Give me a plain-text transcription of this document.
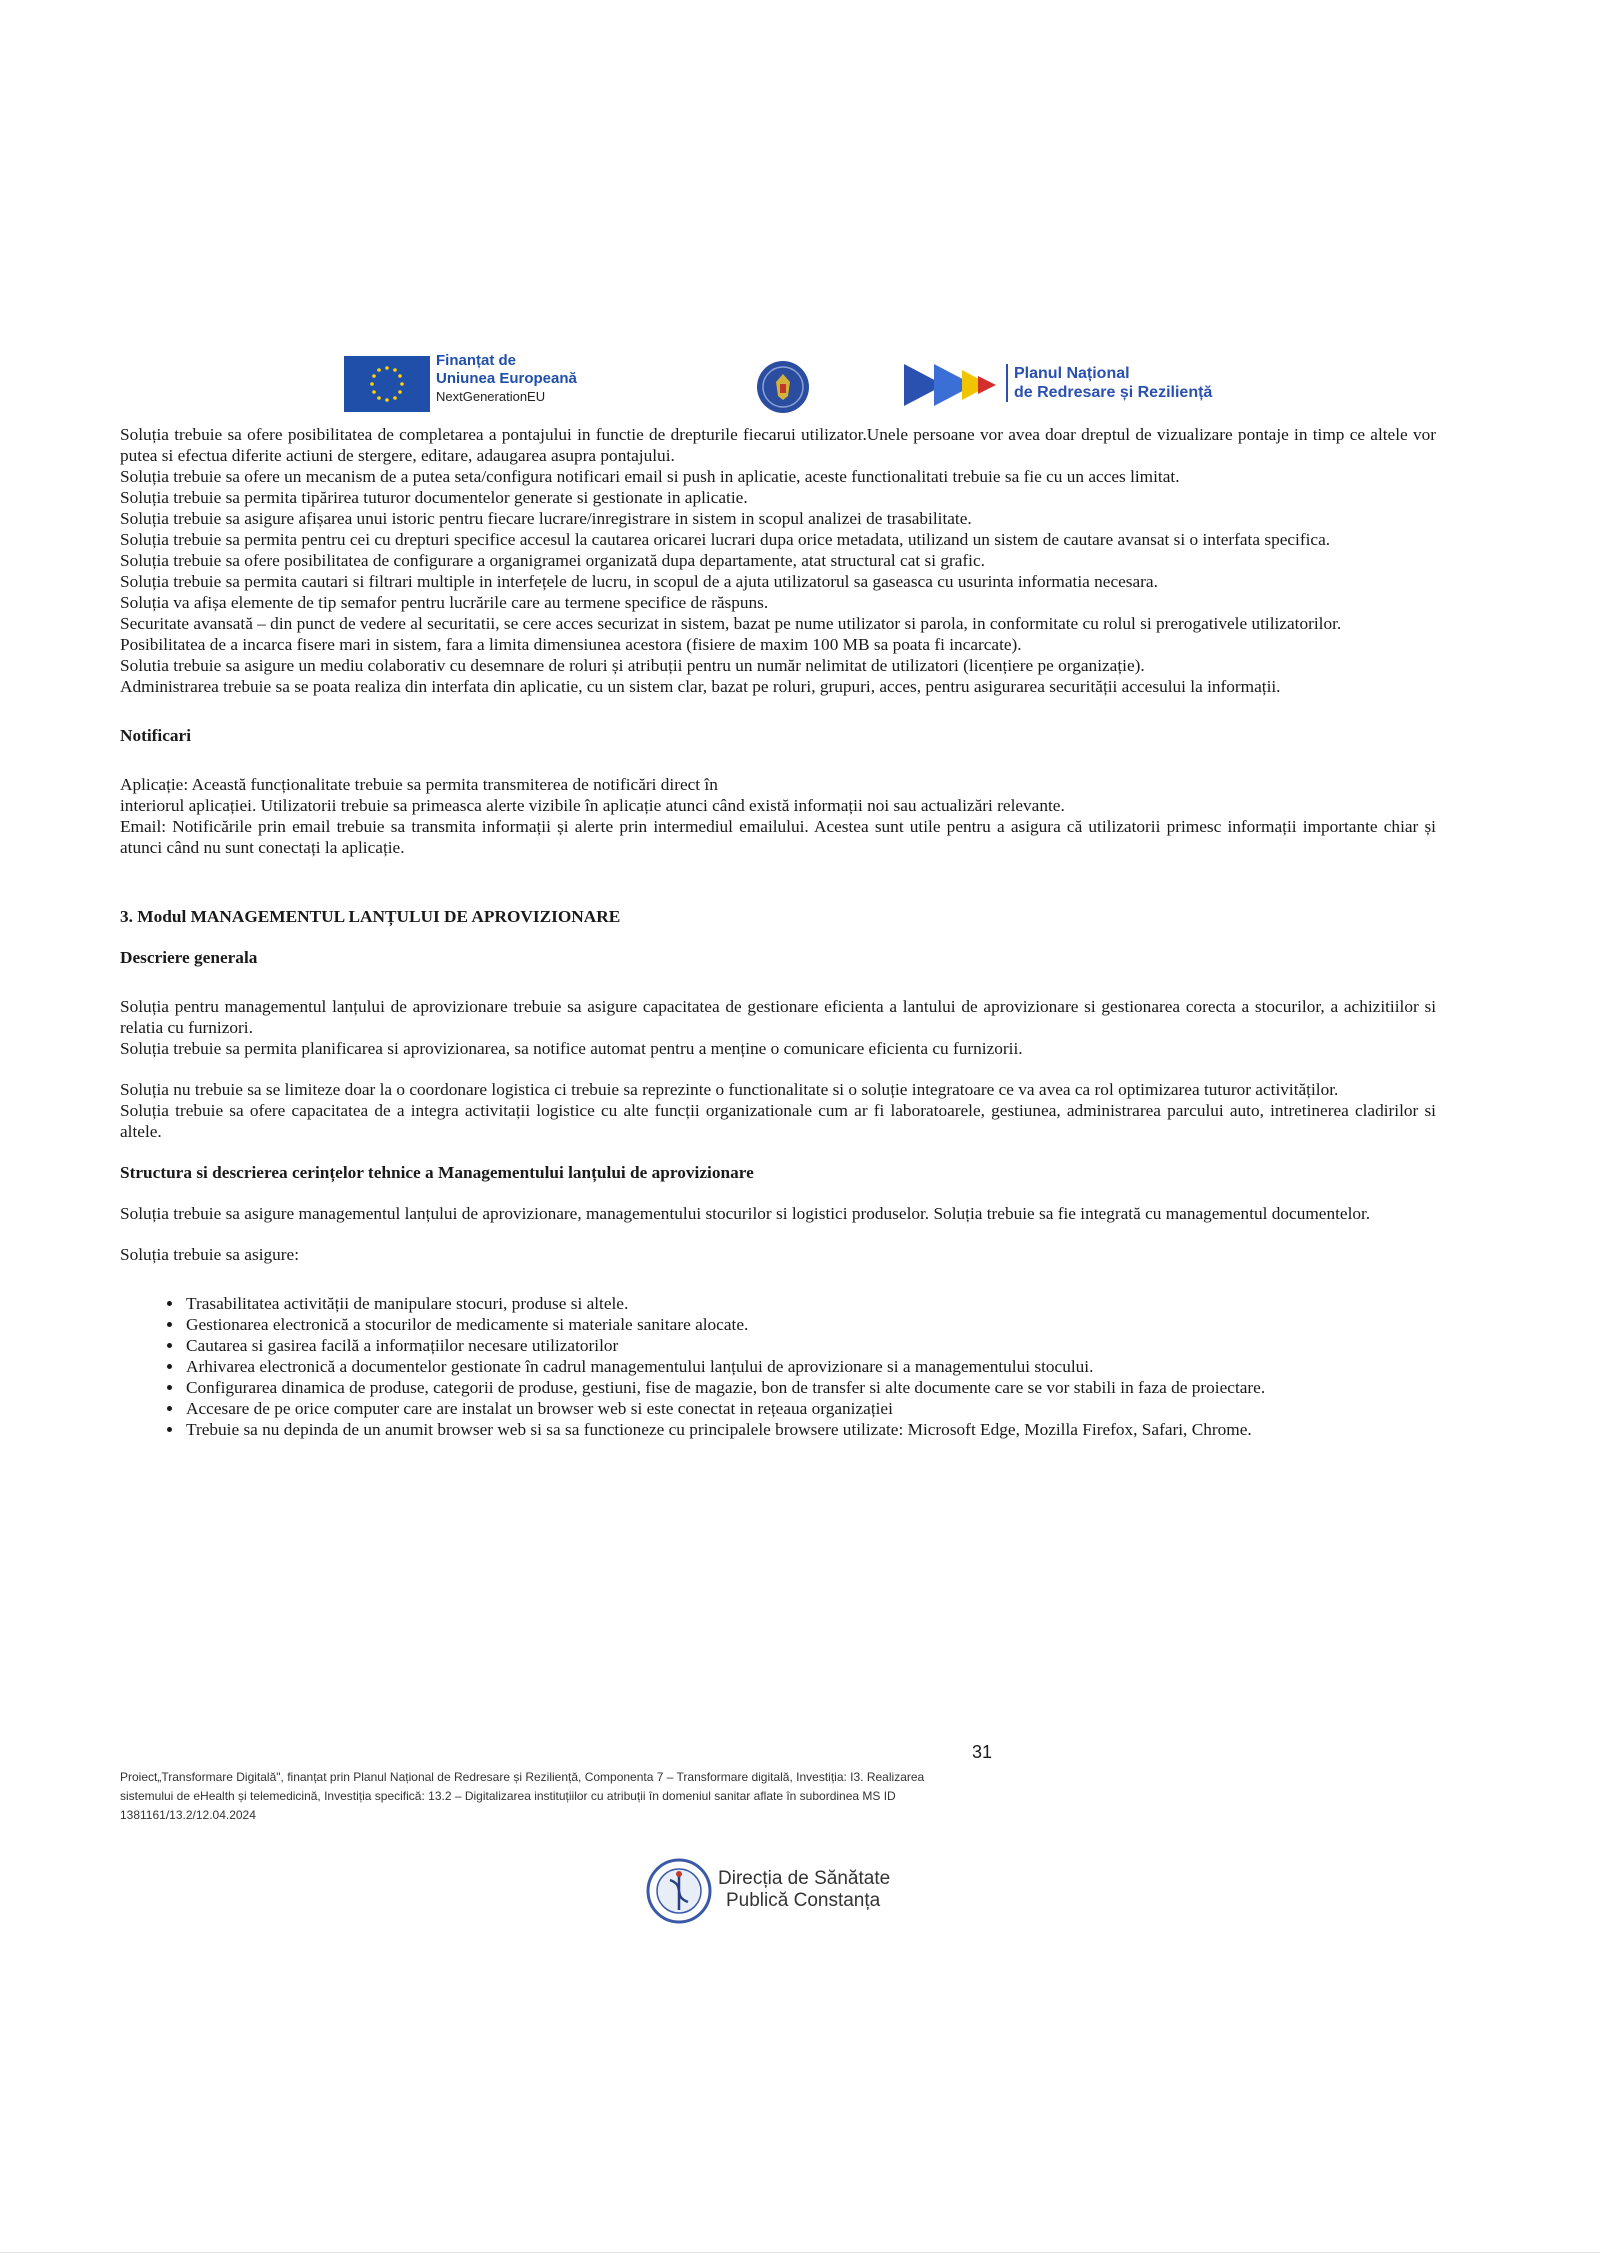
Finanțat de
Uniunea Europeană
NextGenerationEU
Planul Național
de Redresare și Reziliență

Soluția trebuie sa ofere posibilitatea de completarea a pontajului in functie de drepturile fiecarui utilizator.Unele persoane vor avea doar dreptul de vizualizare pontaje in timp ce altele vor putea si efectua diferite actiuni de stergere, editare, adaugarea asupra pontajului.

Soluția trebuie sa ofere un mecanism de a putea seta/configura notificari email si push in aplicatie, aceste functionalitati trebuie sa fie cu un acces limitat.

Soluția trebuie sa permita tipărirea tuturor documentelor generate si gestionate in aplicatie.

Soluția trebuie sa asigure afișarea unui istoric pentru fiecare lucrare/inregistrare in sistem in scopul analizei de trasabilitate.

Soluția trebuie sa permita pentru cei cu drepturi specifice accesul la cautarea oricarei lucrari dupa orice metadata, utilizand un sistem de cautare avansat si o interfata specifica.

Soluția trebuie sa ofere posibilitatea de configurare a organigramei organizată dupa departamente, atat structural cat si grafic.

Soluția trebuie sa permita cautari si filtrari multiple in interfețele de lucru, in scopul de a ajuta utilizatorul sa gaseasca cu usurinta informatia necesara.

Soluția va afișa elemente de tip semafor pentru lucrările care au termene specifice de răspuns.

Securitate avansată – din punct de vedere al securitatii, se cere acces securizat in sistem, bazat pe nume utilizator si parola, in conformitate cu rolul si prerogativele utilizatorilor.

Posibilitatea de a incarca fisere mari in sistem, fara a limita dimensiunea acestora (fisiere de maxim 100 MB sa poata fi incarcate).

Solutia trebuie sa asigure un mediu colaborativ cu desemnare de roluri și atribuții pentru un număr nelimitat de utilizatori (licențiere pe organizație).

Administrarea trebuie sa se poata realiza din interfata din aplicatie, cu un sistem clar, bazat pe roluri, grupuri, acces, pentru asigurarea securității accesului la informații.

Notificari

Aplicație: Această funcționalitate trebuie sa permita transmiterea de notificări direct în

interiorul aplicației. Utilizatorii trebuie sa primeasca alerte vizibile în aplicație atunci când există informații noi sau actualizări relevante.

Email: Notificările prin email trebuie sa transmita informații și alerte prin intermediul emailului. Acestea sunt utile pentru a asigura că utilizatorii primesc informații importante chiar și atunci când nu sunt conectați la aplicație.

3. Modul MANAGEMENTUL LANȚULUI DE APROVIZIONARE

Descriere generala

Soluția pentru managementul lanțului de aprovizionare trebuie sa asigure capacitatea de gestionare eficienta a lantului de aprovizionare si gestionarea corecta a stocurilor, a achizitiilor si relatia cu furnizori.

Soluția trebuie sa permita planificarea si aprovizionarea, sa notifice automat pentru a menține o comunicare eficienta cu furnizorii.

Soluția nu trebuie sa se limiteze doar la o coordonare logistica ci trebuie sa reprezinte o functionalitate si o soluție integratoare ce va avea ca rol optimizarea tuturor activităților.

Soluția trebuie sa ofere capacitatea de a integra activitații logistice cu alte funcții organizationale cum ar fi laboratoarele, gestiunea, administrarea parcului auto, intretinerea cladirilor si altele.

Structura si descrierea cerințelor tehnice a Managementului lanțului de aprovizionare

Soluția trebuie sa asigure managementul lanțului de aprovizionare, managementului stocurilor si logistici produselor. Soluția trebuie sa fie integrată cu managementul documentelor.

Soluția trebuie sa asigure:

• Trasabilitatea activității de manipulare stocuri, produse si altele.
• Gestionarea electronică a stocurilor de medicamente si materiale sanitare alocate.
• Cautarea si gasirea facilă a informațiilor necesare utilizatorilor
• Arhivarea electronică a documentelor gestionate în cadrul managementului lanțului de aprovizionare si a managementului stocului.
• Configurarea dinamica de produse, categorii de produse, gestiuni, fise de magazie, bon de transfer si alte documente care se vor stabili in faza de proiectare.
• Accesare de pe orice computer care are instalat un browser web si este conectat in rețeaua organizației
• Trebuie sa nu depinda de un anumit browser web si sa sa functioneze cu principalele browsere utilizate: Microsoft Edge, Mozilla Firefox, Safari, Chrome.
31
Proiect„Transformare Digitală", finanțat prin Planul Național de Redresare și Reziliență, Componenta 7 – Transformare digitală, Investiția: I3. Realizarea sistemului de eHealth și telemedicină, Investiția specifică: 13.2 – Digitalizarea instituțiilor cu atribuții în domeniul sanitar aflate în subordinea MS ID 1381161/13.2/12.04.2024
Direcția de Sănătate
Publică Constanța
